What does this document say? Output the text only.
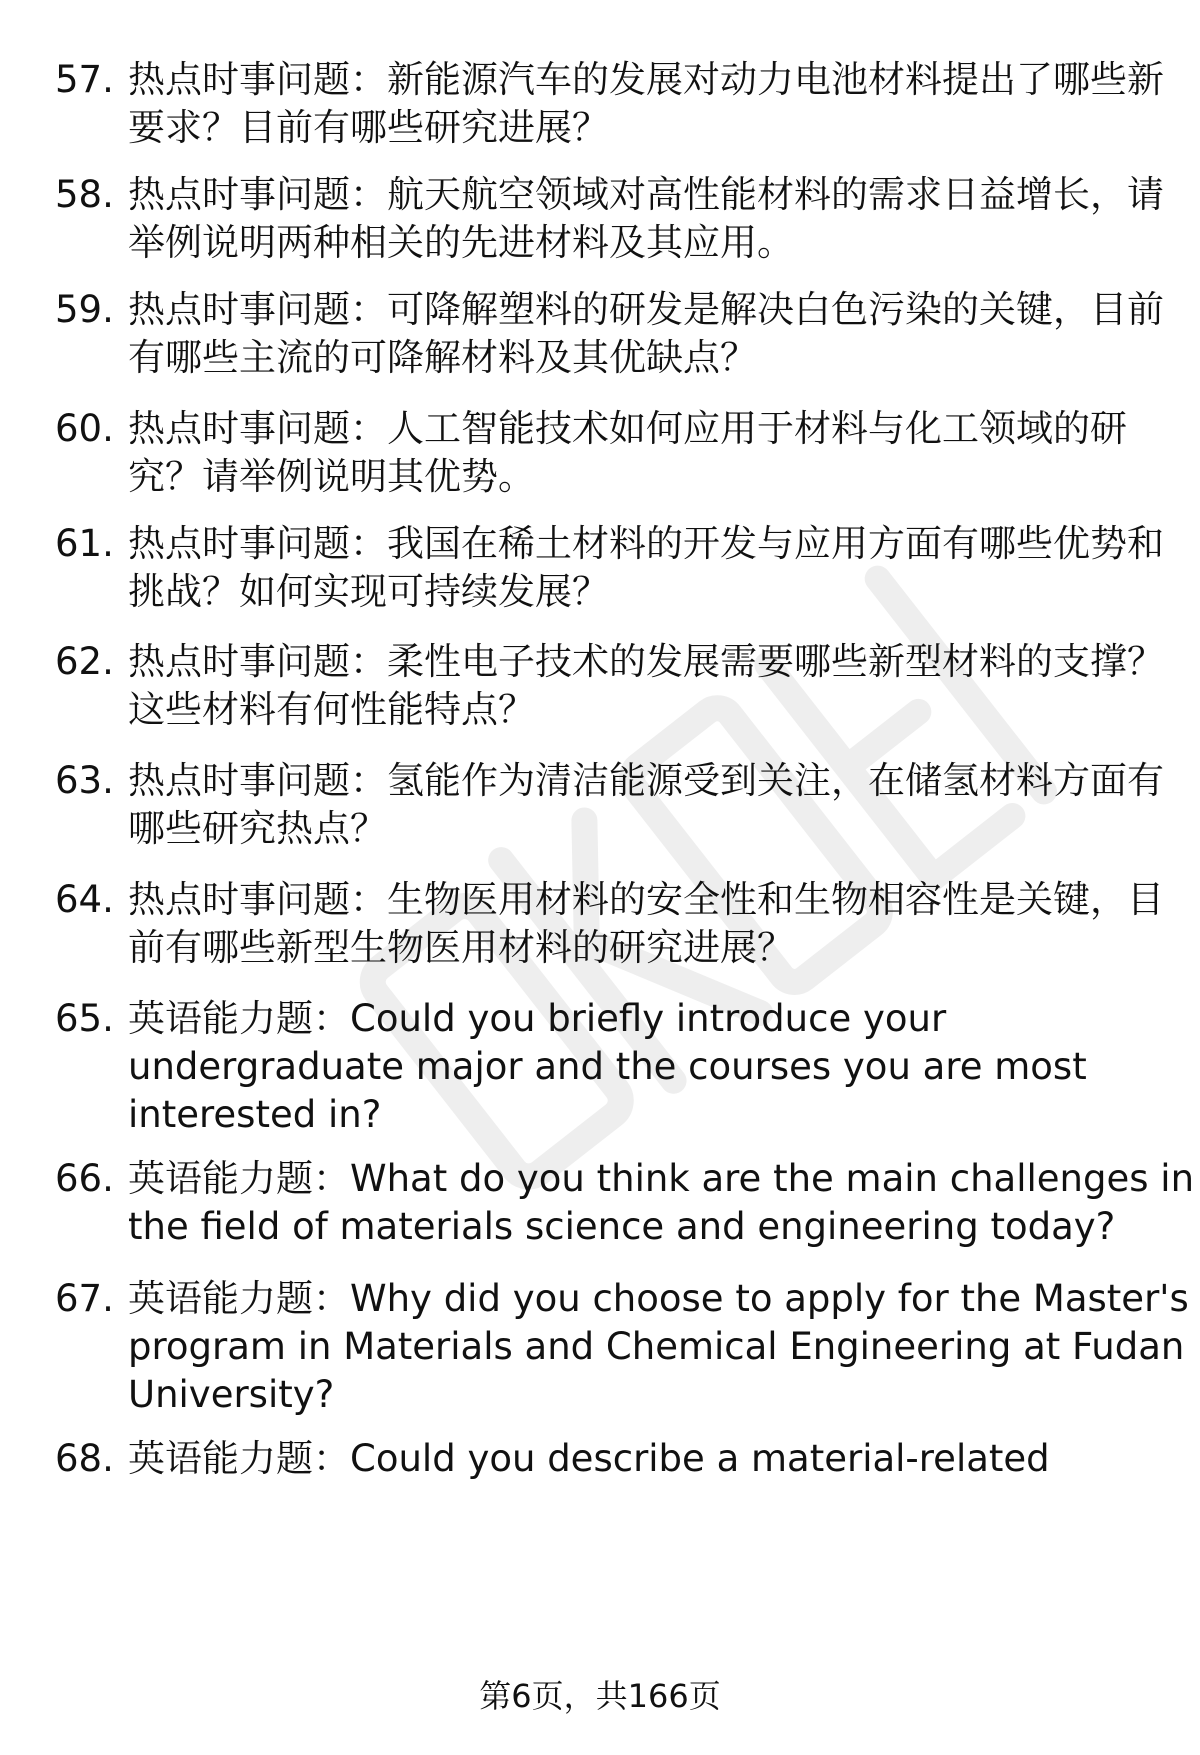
57. 热点时事问题：新能源汽车的发展对动力电池材料提出了哪些新
要求？目前有哪些研究进展？
58. 热点时事问题：航天航空领域对高性能材料的需求日益增长，请
举例说明两种相关的先进材料及其应用。
59. 热点时事问题：可降解塑料的研发是解决白色污染的关键，目前
有哪些主流的可降解材料及其优缺点？
60. 热点时事问题：人工智能技术如何应用于材料与化工领域的研
究？请举例说明其优势。
61. 热点时事问题：我国在稀土材料的开发与应用方面有哪些优势和
挑战？如何实现可持续发展？
62. 热点时事问题：柔性电子技术的发展需要哪些新型材料的支撑？
这些材料有何性能特点？
63. 热点时事问题：氢能作为清洁能源受到关注，在储氢材料方面有
哪些研究热点？
64. 热点时事问题：生物医用材料的安全性和生物相容性是关键，目
前有哪些新型生物医用材料的研究进展？
65. 英语能力题：Could you briefly introduce your
undergraduate major and the courses you are most
interested in?
66. 英语能力题：What do you think are the main challenges in
the field of materials science and engineering today?
67. 英语能力题：Why did you choose to apply for the Master's
program in Materials and Chemical Engineering at Fudan
University?
68. 英语能力题：Could you describe a material-related
第6页，共166页
